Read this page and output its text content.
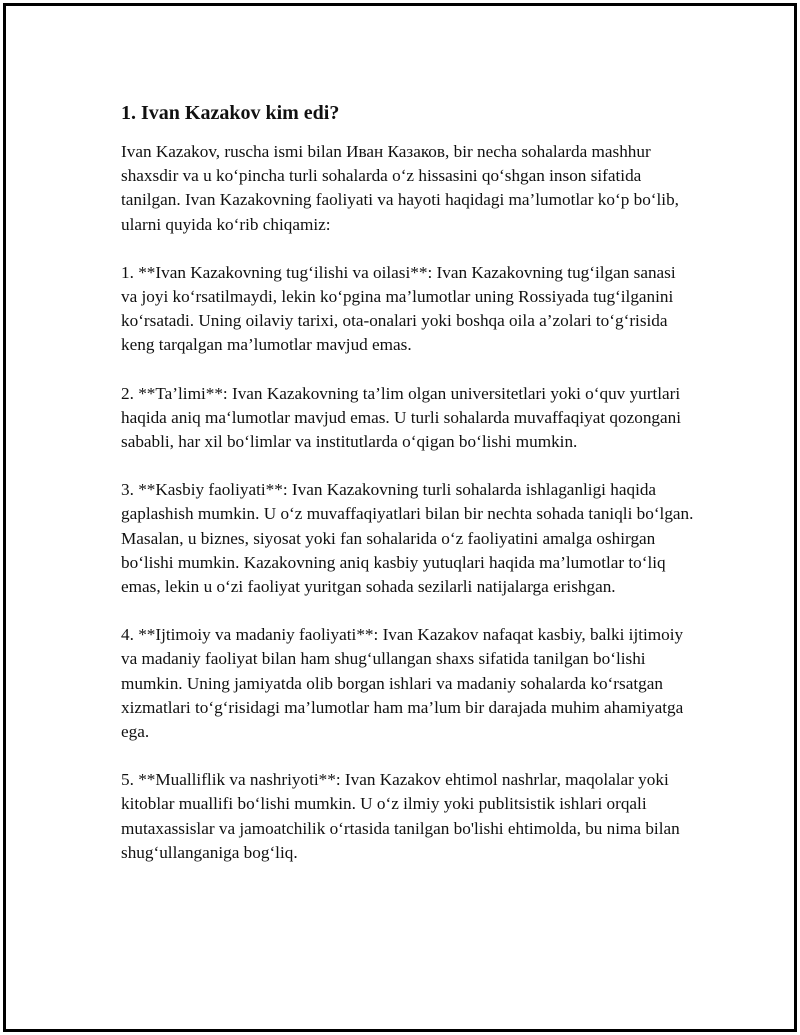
1. Ivan Kazakov kim edi?

Ivan Kazakov, ruscha ismi bilan Иван Казаков, bir necha sohalarda mashhur shaxsdir va u ko‘pincha turli sohalarda o‘z hissasini qo‘shgan inson sifatida tanilgan. Ivan Kazakovning faoliyati va hayoti haqidagi ma’lumotlar ko‘p bo‘lib, ularni quyida ko‘rib chiqamiz:

1. **Ivan Kazakovning tug‘ilishi va oilasi**: Ivan Kazakovning tug‘ilgan sanasi va joyi ko‘rsatilmaydi, lekin ko‘pgina ma’lumotlar uning Rossiyada tug‘ilganini ko‘rsatadi. Uning oilaviy tarixi, ota-onalari yoki boshqa oila a’zolari to‘g‘risida keng tarqalgan ma’lumotlar mavjud emas.

2. **Ta’limi**: Ivan Kazakovning ta’lim olgan universitetlari yoki o‘quv yurtlari haqida aniq ma‘lumotlar mavjud emas. U turli sohalarda muvaffaqiyat qozongani sababli, har xil bo‘limlar va institutlarda o‘qigan bo‘lishi mumkin.

3. **Kasbiy faoliyati**: Ivan Kazakovning turli sohalarda ishlaganligi haqida gaplashish mumkin. U o‘z muvaffaqiyatlari bilan bir nechta sohada taniqli bo‘lgan. Masalan, u biznes, siyosat yoki fan sohalarida o‘z faoliyatini amalga oshirgan bo‘lishi mumkin. Kazakovning aniq kasbiy yutuqlari haqida ma’lumotlar to‘liq emas, lekin u o‘zi faoliyat yuritgan sohada sezilarli natijalarga erishgan.

4. **Ijtimoiy va madaniy faoliyati**: Ivan Kazakov nafaqat kasbiy, balki ijtimoiy va madaniy faoliyat bilan ham shug‘ullangan shaxs sifatida tanilgan bo‘lishi mumkin. Uning jamiyatda olib borgan ishlari va madaniy sohalarda ko‘rsatgan xizmatlari to‘g‘risidagi ma’lumotlar ham ma’lum bir darajada muhim ahamiyatga ega.

5. **Mualliflik va nashriyoti**: Ivan Kazakov ehtimol nashrlar, maqolalar yoki kitoblar muallifi bo‘lishi mumkin. U o‘z ilmiy yoki publitsistik ishlari orqali mutaxassislar va jamoatchilik o‘rtasida tanilgan bo'lishi ehtimolda, bu nima bilan shug‘ullanganiga bog‘liq.
